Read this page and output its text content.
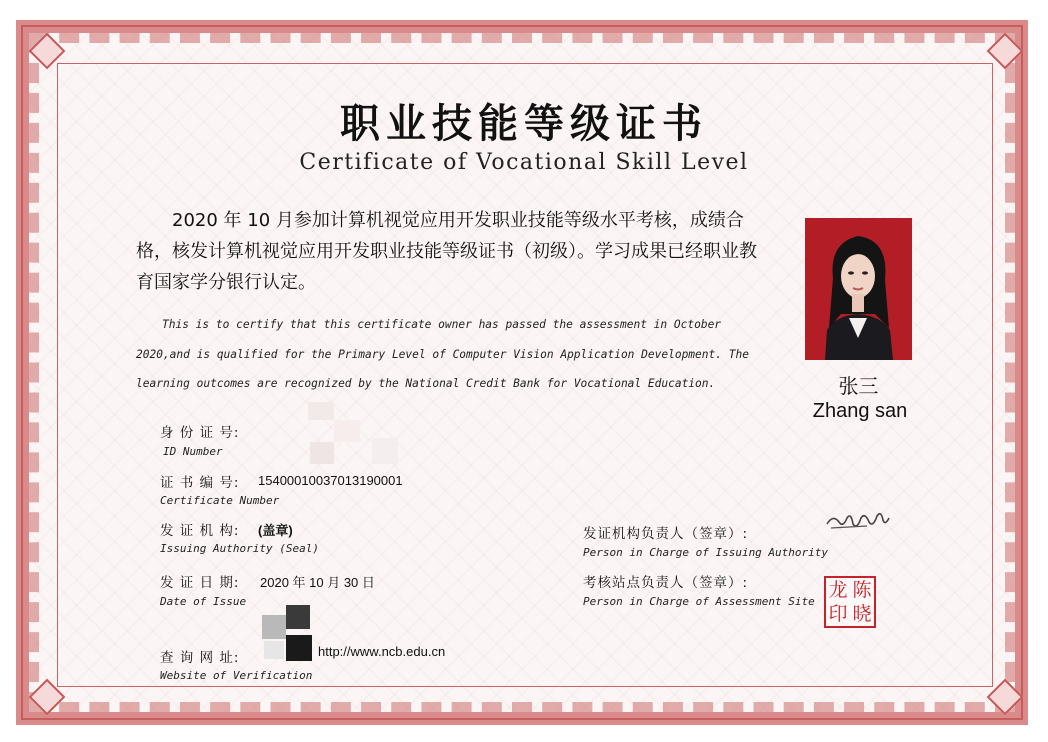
职业技能等级证书
Certificate of Vocational Skill Level
2020 年 10 月参加计算机视觉应用开发职业技能等级水平考核，成绩合格，核发计算机视觉应用开发职业技能等级证书（初级）。学习成果已经职业教育国家学分银行认定。
This is to certify that this certificate owner has passed the assessment in October 2020,and is qualified for the Primary Level of Computer Vision Application Development. The learning outcomes are recognized by the National Credit Bank for Vocational Education.	张三
Zhang san
身 份 证 号:
ID Number
证 书 编 号: 15400010037013190001
Certificate Number
发 证 机 构: (盖章)
Issuing Authority (Seal)
发 证 日 期: 2020 年 10 月 30 日
Date of Issue
查 询 网 址:	http://www.ncb.edu.cn
Website of Verification
发证机构负责人（签章）:
Person in Charge of Issuing Authority
考核站点负责人（签章）:
Person in Charge of Assessment Site
龙 陈
印 晓
